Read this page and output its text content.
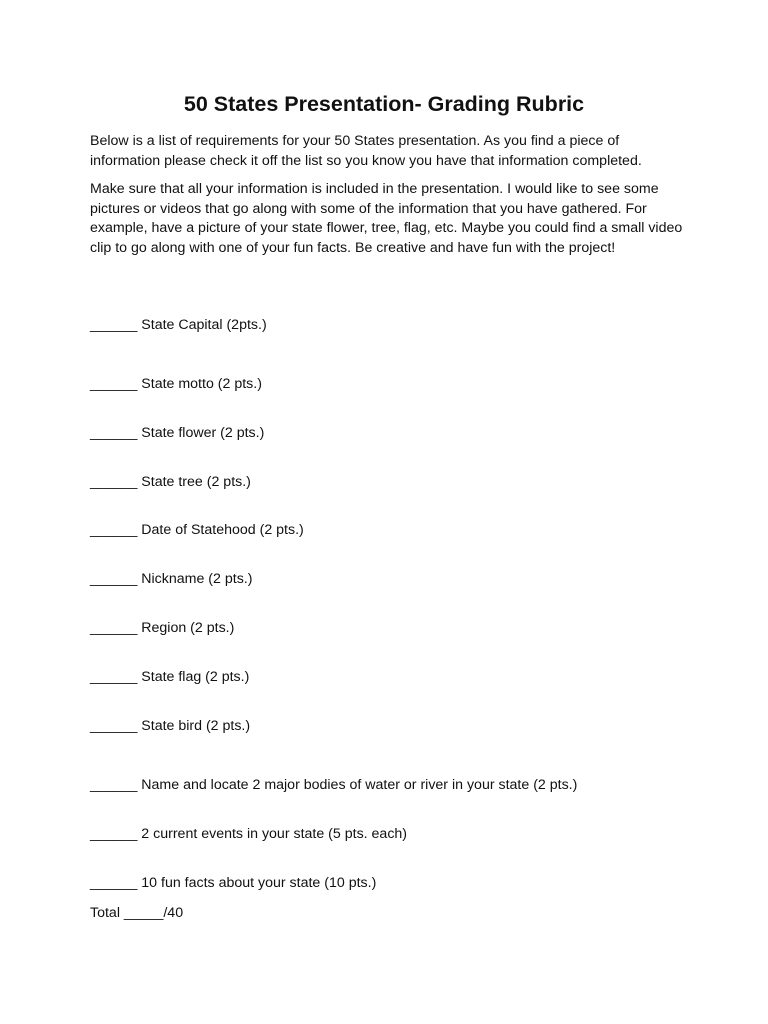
50 States Presentation- Grading Rubric

Below is a list of requirements for your 50 States presentation. As you find a piece of information please check it off the list so you know you have that information completed.

Make sure that all your information is included in the presentation. I would like to see some pictures or videos that go along with some of the information that you have gathered. For example, have a picture of your state flower, tree, flag, etc. Maybe you could find a small video clip to go along with one of your fun facts. Be creative and have fun with the project!

______ State Capital (2pts.)

______ State motto (2 pts.)

______ State flower (2 pts.)

______ State tree (2 pts.)

______ Date of Statehood (2 pts.)

______ Nickname (2 pts.)

______ Region (2 pts.)

______ State flag (2 pts.)

______ State bird (2 pts.)

______ Name and locate 2 major bodies of water or river in your state (2 pts.)

______ 2 current events in your state (5 pts. each)

______ 10 fun facts about your state (10 pts.)

Total _____/40
